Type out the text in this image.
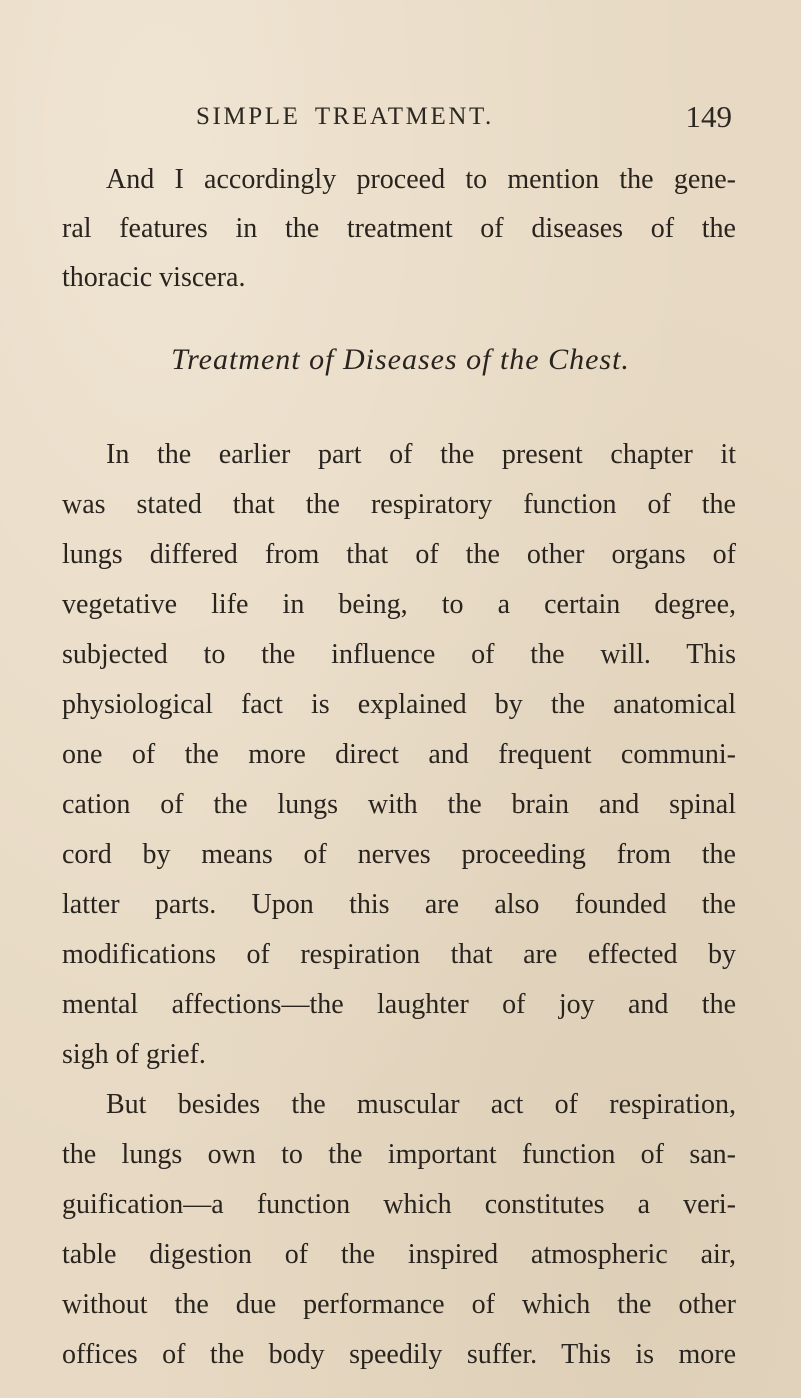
SIMPLE TREATMENT.	149
And I accordingly proceed to mention the gene-
ral features in the treatment of diseases of the
thoracic viscera.
Treatment of Diseases of the Chest.
In the earlier part of the present chapter it
was stated that the respiratory function of the
lungs differed from that of the other organs of
vegetative life in being, to a certain degree,
subjected to the influence of the will. This
physiological fact is explained by the anatomical
one of the more direct and frequent communi-
cation of the lungs with the brain and spinal
cord by means of nerves proceeding from the
latter parts. Upon this are also founded the
modifications of respiration that are effected by
mental affections—the laughter of joy and the
sigh of grief.
But besides the muscular act of respiration,
the lungs own to the important function of san-
guification—a function which constitutes a veri-
table digestion of the inspired atmospheric air,
without the due performance of which the other
offices of the body speedily suffer. This is more
